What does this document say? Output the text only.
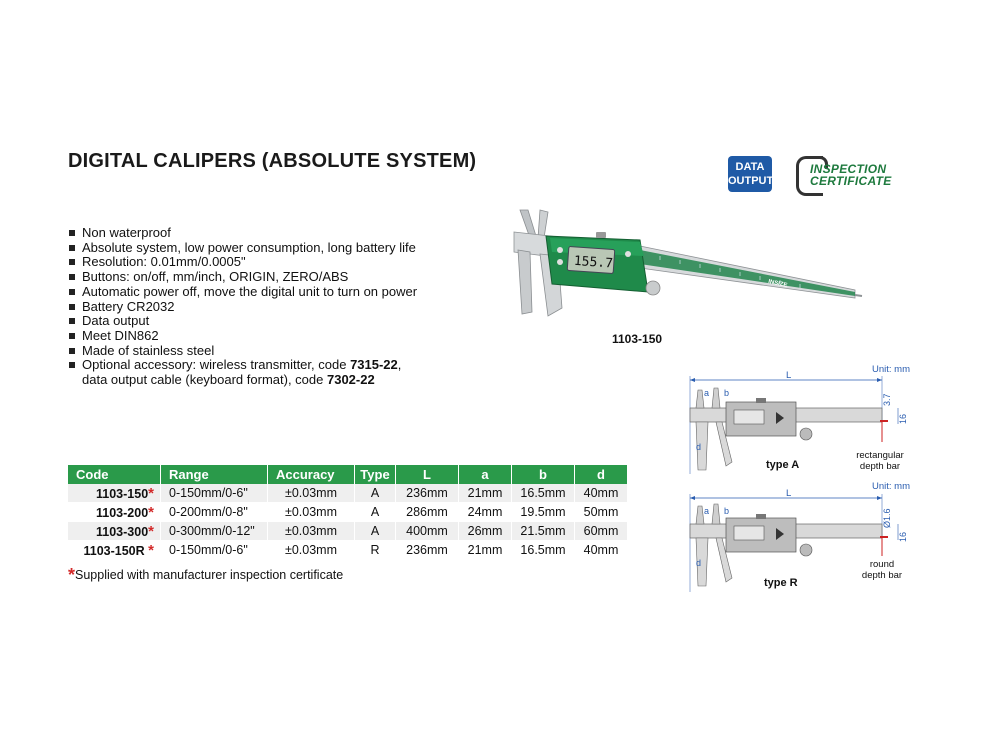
DIGITAL CALIPERS (ABSOLUTE SYSTEM)	DATA
OUTPUT
INSPECTION
CERTIFICATE
Non waterproof
Absolute system, low power consumption, long battery life
Resolution: 0.01mm/0.0005"
Buttons: on/off, mm/inch, ORIGIN, ZERO/ABS
Automatic power off, move the digital unit to turn on power
Battery CR2032
Data output
Meet DIN862
Made of stainless steel
Optional accessory: wireless transmitter, code 7315-22,
data output cable (keyboard format), code 7302-22
INSIZE
155.7
1103-150
Code	Range	Accuracy	Type	L	a	b	d
1103-150*	0-150mm/0-6"	±0.03mm	A	236mm	21mm	16.5mm	40mm
1103-200*	0-200mm/0-8"	±0.03mm	A	286mm	24mm	19.5mm	50mm
1103-300*	0-300mm/0-12"	±0.03mm	A	400mm	26mm	21.5mm	60mm
1103-150R *	0-150mm/0-6"	±0.03mm	R	236mm	21mm	16.5mm	40mm
*Supplied with manufacturer inspection certificate
Unit: mm
L
a b
d
3.7
16
type A
rectangular
depth bar
Unit: mm
L
a b
d
Ø1.6
16
type R
round
depth bar
